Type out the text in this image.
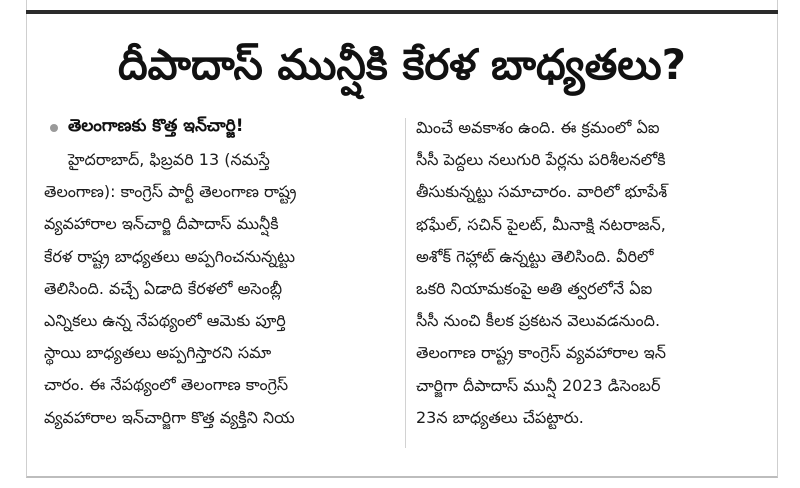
దీపాదాస్ మున్షీకి కేరళ బాధ్యతలు?
తెలంగాణకు కొత్త ఇన్‌చార్జి!
హైదరాబాద్, ఫిబ్రవరి 13 (నమస్తే
తెలంగాణ): కాంగ్రెస్ పార్టీ తెలంగాణ రాష్ట్ర
వ్యవహారాల ఇన్‌చార్జి దీపాదాస్ మున్షీకి
కేరళ రాష్ట్ర బాధ్యతలు అప్పగించనున్నట్టు
తెలిసింది. వచ్చే ఏడాది కేరళలో అసెంబ్లీ
ఎన్నికలు ఉన్న నేపథ్యంలో ఆమెకు పూర్తి
స్థాయి బాధ్యతలు అప్పగిస్తారని సమా
చారం. ఈ నేపథ్యంలో తెలంగాణ కాంగ్రెస్
వ్యవహారాల ఇన్‌చార్జిగా కొత్త వ్యక్తిని నియ
మించే అవకాశం ఉంది. ఈ క్రమంలో ఏఐ
సీసీ పెద్దలు నలుగురి పేర్లను పరిశీలనలోకి
తీసుకున్నట్టు సమాచారం. వారిలో భూపేశ్
భఘేల్, సచిన్ పైలట్, మీనాక్షి నటరాజన్,
అశోక్ గెహ్లాట్ ఉన్నట్టు తెలిసింది. వీరిలో
ఒకరి నియామకంపై అతి త్వరలోనే ఏఐ
సీసీ నుంచి కీలక ప్రకటన వెలువడనుంది.
తెలంగాణ రాష్ట్ర కాంగ్రెస్ వ్యవహారాల ఇన్
చార్జిగా దీపాదాస్ మున్షీ 2023 డిసెంబర్
23న బాధ్యతలు చేపట్టారు.
